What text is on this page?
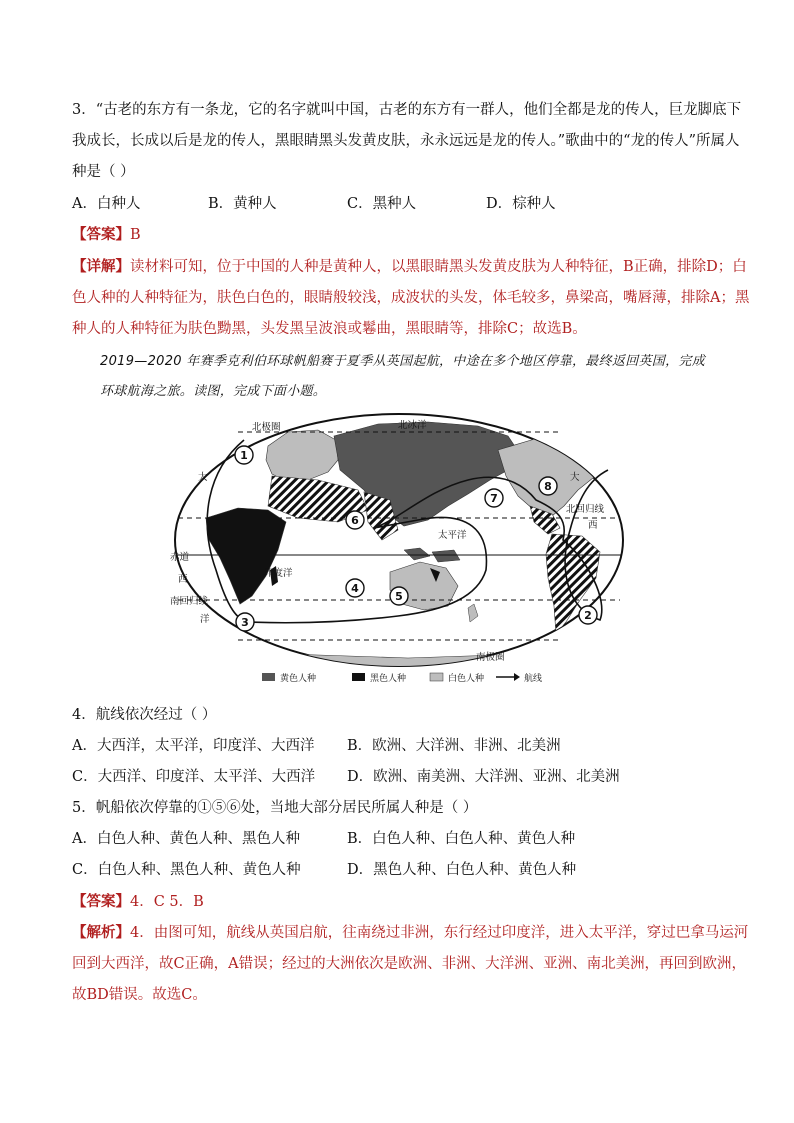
3．“古老的东方有一条龙，它的名字就叫中国，古老的东方有一群人，他们全都是龙的传人，巨龙脚底下
我成长，长成以后是龙的传人，黑眼睛黑头发黄皮肤，永永远远是龙的传人。”歌曲中的“龙的传人”所属人
种是（ ）
A．白种人	B．黄种人	C．黑种人	D．棕种人
【答案】B
【详解】读材料可知，位于中国的人种是黄种人，以黑眼睛黑头发黄皮肤为人种特征，B正确，排除D；白
色人种的人种特征为，肤色白色的，眼睛般较浅，成波状的头发，体毛较多，鼻梁高，嘴唇薄，排除A；黑
种人的人种特征为肤色黝黑，头发黑呈波浪或鬈曲，黑眼睛等，排除C；故选B。
2019—2020 年赛季克利伯环球帆船赛于夏季从英国起航，中途在多个地区停靠，最终返回英国，完成
环球航海之旅。读图，完成下面小题。
1
2
3
4
5
6
7
8
北极圈	北冰洋
大	大
北回归线
西
太平洋
赤道
西
印度洋
南回归线
洋
南极圈
黄色人种	黑色人种	白色人种	航线
4．航线依次经过（ ）
A．大西洋，太平洋，印度洋、大西洋 B．欧洲、大洋洲、非洲、北美洲
C．大西洋、印度洋、太平洋、大西洋 D．欧洲、南美洲、大洋洲、亚洲、北美洲
5．帆船依次停靠的①⑤⑥处，当地大部分居民所属人种是（ ）
A．白色人种、黄色人种、黑色人种	B．白色人种、白色人种、黄色人种
C．白色人种、黑色人种、黄色人种	D．黑色人种、白色人种、黄色人种
【答案】4．C 5．B
【解析】4．由图可知，航线从英国启航，往南绕过非洲，东行经过印度洋，进入太平洋，穿过巴拿马运河
回到大西洋，故C正确，A错误；经过的大洲依次是欧洲、非洲、大洋洲、亚洲、南北美洲，再回到欧洲，
故BD错误。故选C。
